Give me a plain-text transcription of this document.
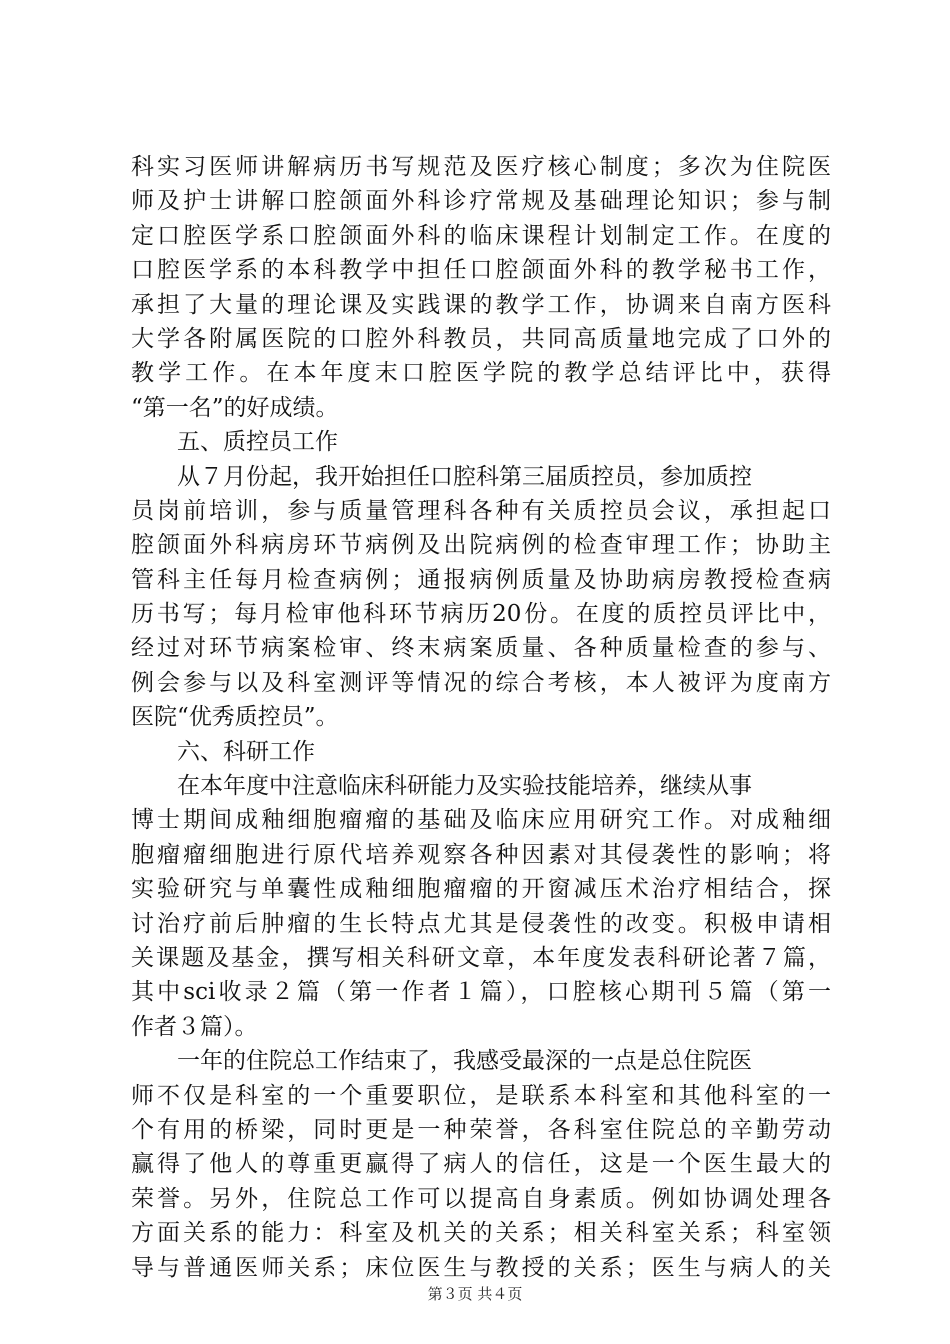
科实习医师讲解病历书写规范及医疗核心制度；多次为住院医
师及护士讲解口腔颌面外科诊疗常规及基础理论知识；参与制
定口腔医学系口腔颌面外科的临床课程计划制定工作。在度的
口腔医学系的本科教学中担任口腔颌面外科的教学秘书工作，
承担了大量的理论课及实践课的教学工作，协调来自南方医科
大学各附属医院的口腔外科教员，共同高质量地完成了口外的
教学工作。在本年度末口腔医学院的教学总结评比中，获得
“第一名”的好成绩。
五、质控员工作
从７月份起，我开始担任口腔科第三届质控员，参加质控
员岗前培训，参与质量管理科各种有关质控员会议，承担起口
腔颌面外科病房环节病例及出院病例的检查审理工作；协助主
管科主任每月检查病例；通报病例质量及协助病房教授检查病
历书写；每月检审他科环节病历20份。在度的质控员评比中，
经过对环节病案检审、终末病案质量、各种质量检查的参与、
例会参与以及科室测评等情况的综合考核，本人被评为度南方
医院“优秀质控员”。
六、科研工作
在本年度中注意临床科研能力及实验技能培养，继续从事
博士期间成釉细胞瘤瘤的基础及临床应用研究工作。对成釉细
胞瘤瘤细胞进行原代培养观察各种因素对其侵袭性的影响；将
实验研究与单囊性成釉细胞瘤瘤的开窗减压术治疗相结合，探
讨治疗前后肿瘤的生长特点尤其是侵袭性的改变。积极申请相
关课题及基金，撰写相关科研文章，本年度发表科研论著７篇，
其中sci收录２篇（第一作者１篇），口腔核心期刊５篇（第一
作者３篇）。
一年的住院总工作结束了，我感受最深的一点是总住院医
师不仅是科室的一个重要职位，是联系本科室和其他科室的一
个有用的桥梁，同时更是一种荣誉，各科室住院总的辛勤劳动
赢得了他人的尊重更赢得了病人的信任，这是一个医生最大的
荣誉。另外，住院总工作可以提高自身素质。例如协调处理各
方面关系的能力：科室及机关的关系；相关科室关系；科室领
导与普通医师关系；床位医生与教授的关系；医生与病人的关
第３页 共４页
